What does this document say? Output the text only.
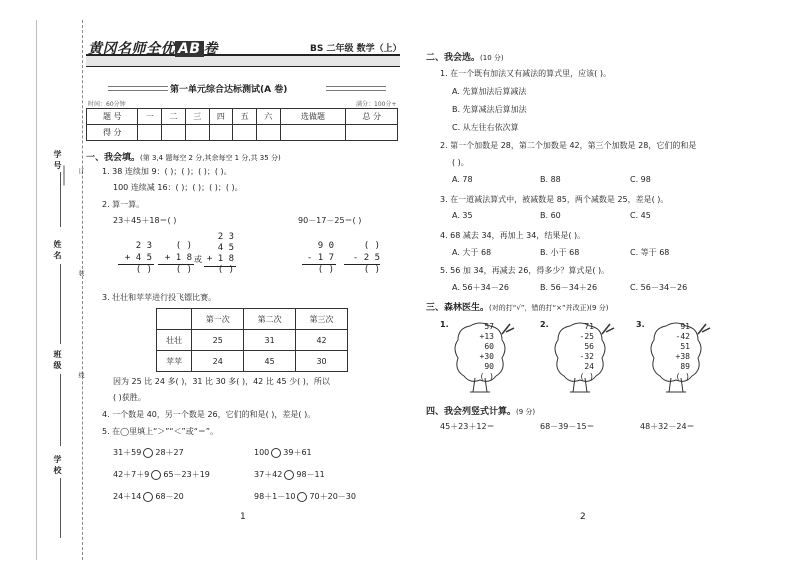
学 号
姓 名
班 级
学 校
订
装
线
黄冈名师全优 AB 卷	BS 二年级 数学（上）
第一单元综合达标测试(A 卷)
时间：60分钟	满分：100分+
题 号	一	二	三	四	五	六	选做题	总 分
得 分								
一、我会填。(第 3,4 题每空 2 分,其余每空 1 分,共 35 分)
1. 38 连续加 9：( )；( )；( )；( )。
100 连续减 16：( )；( )；( )；( )。
2. 算一算。
23＋45＋18＝( )	90－17－25＝( )
2 3
+ 4 5
( )
( )
+ 1 8
( )
或
2 3
4 5
+ 1 8
( )
9 0
- 1 7
( )
( )
- 2 5
( )
3. 壮壮和苹苹进行投飞镖比赛。
	第一次	第二次	第三次
壮壮	25	31	42
苹苹	24	45	30
因为 25 比 24 多( )，31 比 30 多( )，42 比 45 少( )，所以
( )获胜。
4. 一个数是 40，另一个数是 26，它们的和是( )，差是( )。
5. 在◯里填上“＞”“＜”或“＝”。
31＋59 28＋27	100 39＋61
42＋7＋9 65－23＋19	37＋42 98－11
24＋14 68－20	98＋1－10 70＋20－30
1
二、我会选。(10 分)
1. 在一个既有加法又有减法的算式里，应该( )。
A. 先算加法后算减法
B. 先算减法后算加法
C. 从左往右依次算
2. 第一个加数是 28，第二个加数是 42，第三个加数是 28，它们的和是
( )。
A. 78	B. 88	C. 98
3. 在一道减法算式中，被减数是 85，两个减数是 25，差是( )。
A. 35	B. 60	C. 45
4. 68 减去 34，再加上 34，结果是( )。
A. 大于 68	B. 小于 68	C. 等于 68
5. 56 加 34，再减去 26，得多少？算式是( )。
A. 56＋34－26	B. 56－34＋26	C. 56－34－26
三、森林医生。(对的打“√”，错的打“×”并改正)(9 分)
1.	57
+13
60
+30
90
( )
2.	71
-25
56
-32
24
( )
3.	91
-42
51
+38
89
( )
四、我会列竖式计算。(9 分)
45＋23＋12＝	68－39－15＝	48＋32－24＝
2
